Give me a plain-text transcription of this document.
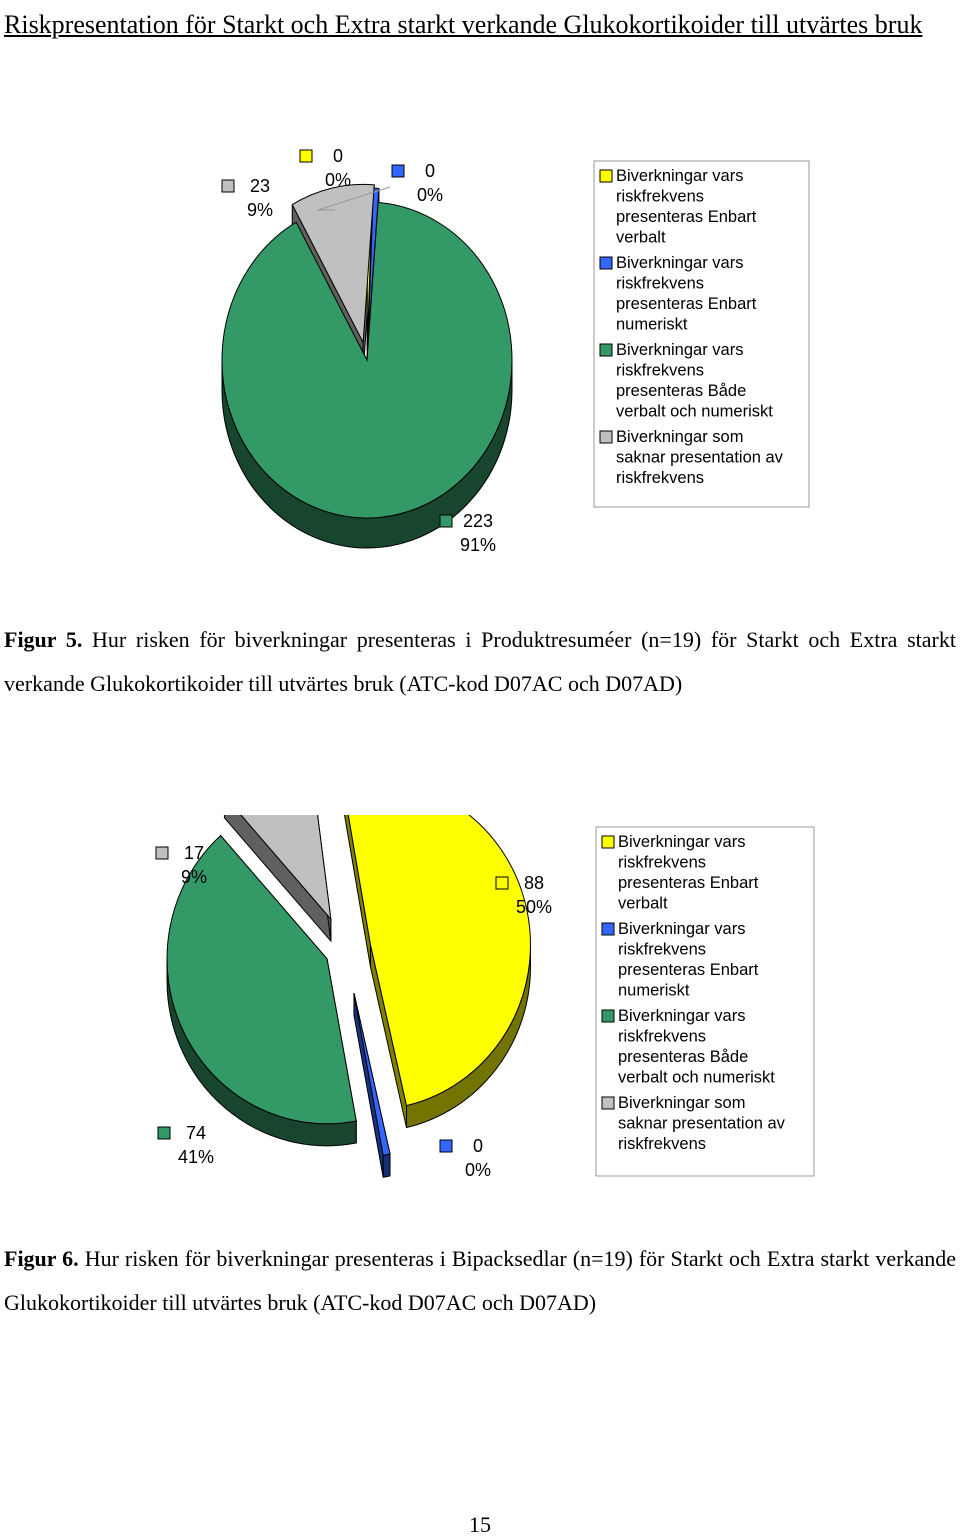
Riskpresentation för Starkt och Extra starkt verkande Glukokortikoider till utvärtes bruk

0
0%	0
0%
223
91%
23
9%
Biverkningar vars
riskfrekvens
presenteras Enbart
verbalt
Biverkningar vars
riskfrekvens
presenteras Enbart
numeriskt
Biverkningar vars
riskfrekvens
presenteras Både
verbalt och numeriskt
Biverkningar som
saknar presentation av
riskfrekvens

Figur 5. Hur risken för biverkningar presenteras i Produktresuméer (n=19) för Starkt och Extra starkt verkande Glukokortikoider till utvärtes bruk (ATC-kod D07AC och D07AD)

88
50%
0
0%
74
41%
17
9%
Biverkningar vars
riskfrekvens
presenteras Enbart
verbalt
Biverkningar vars
riskfrekvens
presenteras Enbart
numeriskt
Biverkningar vars
riskfrekvens
presenteras Både
verbalt och numeriskt
Biverkningar som
saknar presentation av
riskfrekvens

Figur 6. Hur risken för biverkningar presenteras i Bipacksedlar (n=19) för Starkt och Extra starkt verkande Glukokortikoider till utvärtes bruk (ATC-kod D07AC och D07AD)

15
